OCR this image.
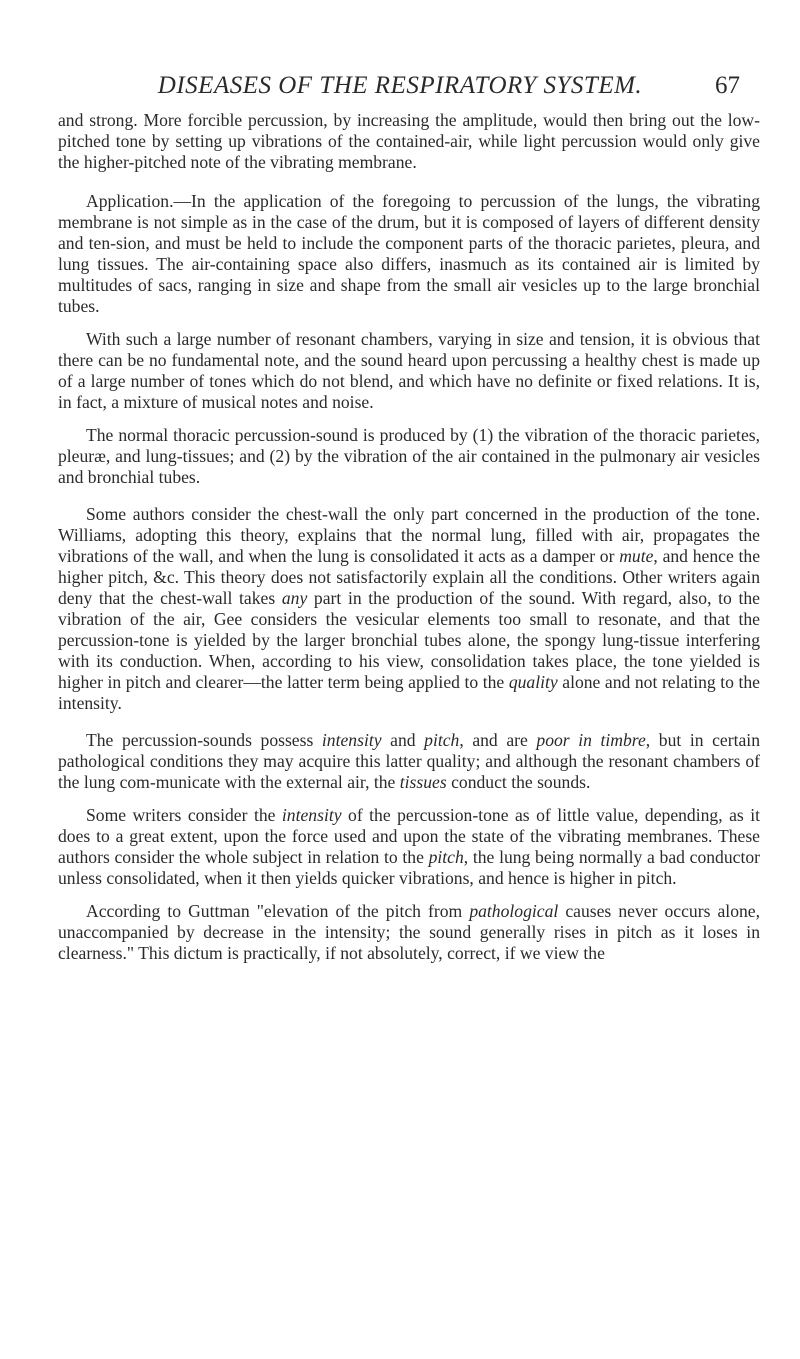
DISEASES OF THE RESPIRATORY SYSTEM.	67

and strong. More forcible percussion, by increasing the amplitude, would then bring out the low-pitched tone by setting up vibrations of the contained-air, while light percussion would only give the higher-pitched note of the vibrating membrane.

Application.—In the application of the foregoing to percussion of the lungs, the vibrating membrane is not simple as in the case of the drum, but it is composed of layers of different density and ten-sion, and must be held to include the component parts of the thoracic parietes, pleura, and lung tissues. The air-containing space also differs, inasmuch as its contained air is limited by multitudes of sacs, ranging in size and shape from the small air vesicles up to the large bronchial tubes.

With such a large number of resonant chambers, varying in size and tension, it is obvious that there can be no fundamental note, and the sound heard upon percussing a healthy chest is made up of a large number of tones which do not blend, and which have no definite or fixed relations. It is, in fact, a mixture of musical notes and noise.

The normal thoracic percussion-sound is produced by (1) the vibration of the thoracic parietes, pleuræ, and lung-tissues; and (2) by the vibration of the air contained in the pulmonary air vesicles and bronchial tubes.

Some authors consider the chest-wall the only part concerned in the production of the tone. Williams, adopting this theory, explains that the normal lung, filled with air, propagates the vibrations of the wall, and when the lung is consolidated it acts as a damper or mute, and hence the higher pitch, &c. This theory does not satisfactorily explain all the conditions. Other writers again deny that the chest-wall takes any part in the production of the sound. With regard, also, to the vibration of the air, Gee considers the vesicular elements too small to resonate, and that the percussion-tone is yielded by the larger bronchial tubes alone, the spongy lung-tissue interfering with its conduction. When, according to his view, consolidation takes place, the tone yielded is higher in pitch and clearer—the latter term being applied to the quality alone and not relating to the intensity.

The percussion-sounds possess intensity and pitch, and are poor in timbre, but in certain pathological conditions they may acquire this latter quality; and although the resonant chambers of the lung com-municate with the external air, the tissues conduct the sounds.

Some writers consider the intensity of the percussion-tone as of little value, depending, as it does to a great extent, upon the force used and upon the state of the vibrating membranes. These authors consider the whole subject in relation to the pitch, the lung being normally a bad conductor unless consolidated, when it then yields quicker vibrations, and hence is higher in pitch.

According to Guttman "elevation of the pitch from pathological causes never occurs alone, unaccompanied by decrease in the intensity; the sound generally rises in pitch as it loses in clearness." This dictum is practically, if not absolutely, correct, if we view the
